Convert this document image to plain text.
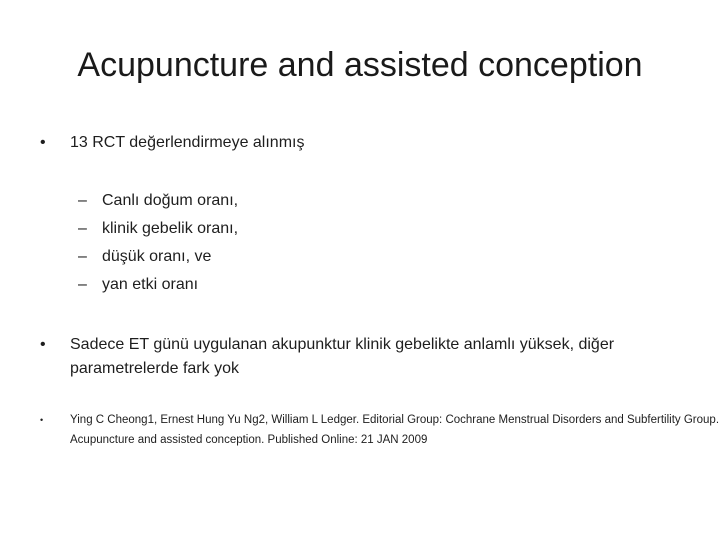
Acupuncture and assisted conception
•	13 RCT değerlendirmeye alınmış
– Canlı doğum oranı,
– klinik gebelik oranı,
– düşük oranı, ve
– yan etki oranı
•	Sadece ET günü uygulanan akupunktur klinik gebelikte anlamlı yüksek, diğer parametrelerde fark yok
• Ying C Cheong1, Ernest Hung Yu Ng2, William L Ledger. Editorial Group: Cochrane Menstrual Disorders and Subfertility Group. Acupuncture and assisted conception. Published Online: 21 JAN 2009
